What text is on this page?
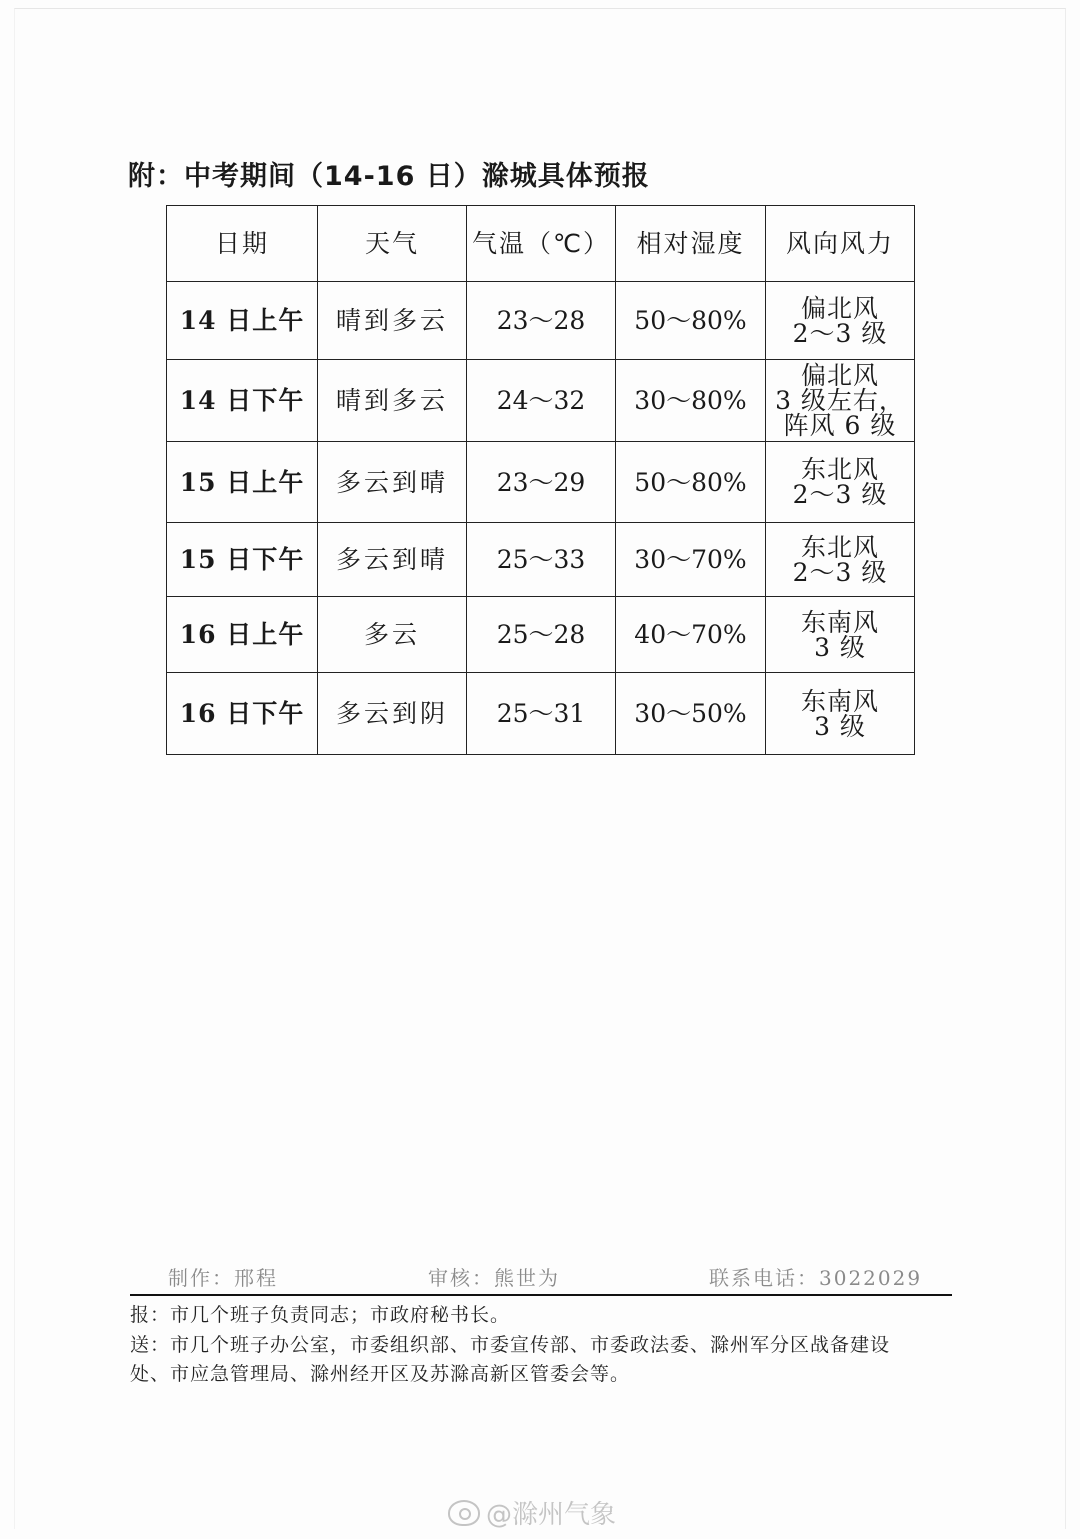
附：中考期间（14-16 日）滁城具体预报
日期	天气	气温（℃）	相对湿度	风向风力
14 日上午	晴到多云	23～28	50～80%	偏北风
2～3 级

14 日下午	晴到多云	24～32	30～80%	偏北风
3 级左右，
阵风 6 级

15 日上午	多云到晴	23～29	50～80%	东北风
2～3 级

15 日下午	多云到晴	25～33	30～70%	东北风
2～3 级

16 日上午	多云	25～28	40～70%	东南风
3 级

16 日下午	多云到阴	25～31	30～50%	东南风
3 级
制作：邢程	审核：熊世为	联系电话：3022029
报：市几个班子负责同志；市政府秘书长。
送：市几个班子办公室，市委组织部、市委宣传部、市委政法委、滁州军分区战备建设
处、市应急管理局、滁州经开区及苏滁高新区管委会等。
@滁州气象
